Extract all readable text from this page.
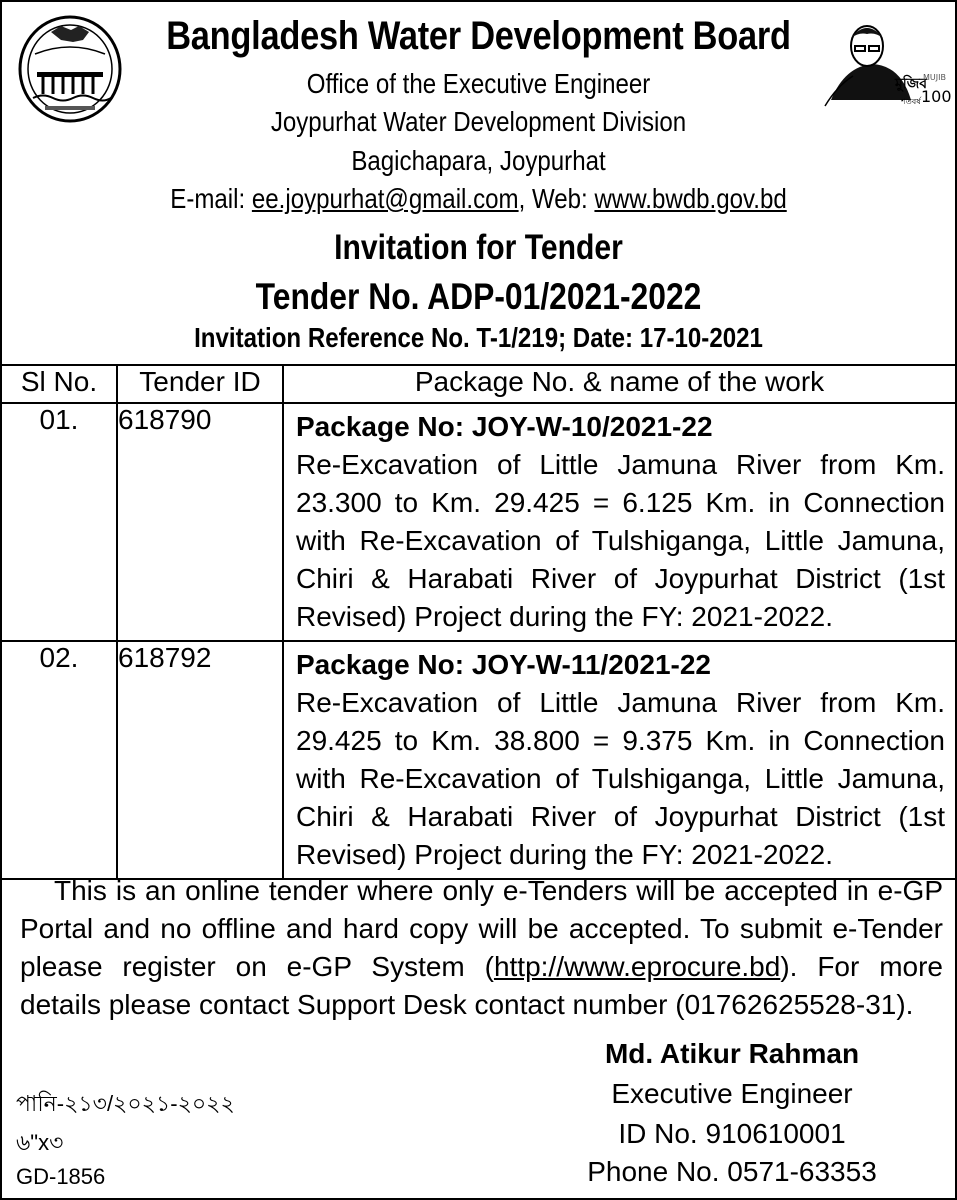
মুজিব
MUJIB
100
শতবর্ষ
Bangladesh Water Development Board
Office of the Executive Engineer
Joypurhat Water Development Division
Bagichapara, Joypurhat
E-mail: ee.joypurhat@gmail.com, Web: www.bwdb.gov.bd
Invitation for Tender
Tender No. ADP-01/2021-2022
Invitation Reference No. T-1/219; Date: 17-10-2021
Sl No.	Tender ID	Package No. & name of the work
01.	618790	Package No: JOY-W-10/2021-22
Re-Excavation of Little Jamuna River from Km. 23.300 to Km. 29.425 = 6.125 Km. in Connection with Re-Excavation of Tulshiganga, Little Jamuna, Chiri & Harabati River of Joypurhat District (1st Revised) Project during the FY: 2021-2022.

02.	618792	Package No: JOY-W-11/2021-22
Re-Excavation of Little Jamuna River from Km. 29.425 to Km. 38.800 = 9.375 Km. in Connection with Re-Excavation of Tulshiganga, Little Jamuna, Chiri & Harabati River of Joypurhat District (1st Revised) Project during the FY: 2021-2022.
This is an online tender where only e-Tenders will be accepted in e-GP Portal and no offline and hard copy will be accepted. To submit e-Tender please register on e-GP System (http://www.eprocure.bd). For more details please contact Support Desk contact number (01762625528-31).
Md. Atikur Rahman
Executive Engineer
ID No. 910610001
Phone No. 0571-63353
পানি-২১৩/২০২১-২০২২
৬"x৩
GD-1856
